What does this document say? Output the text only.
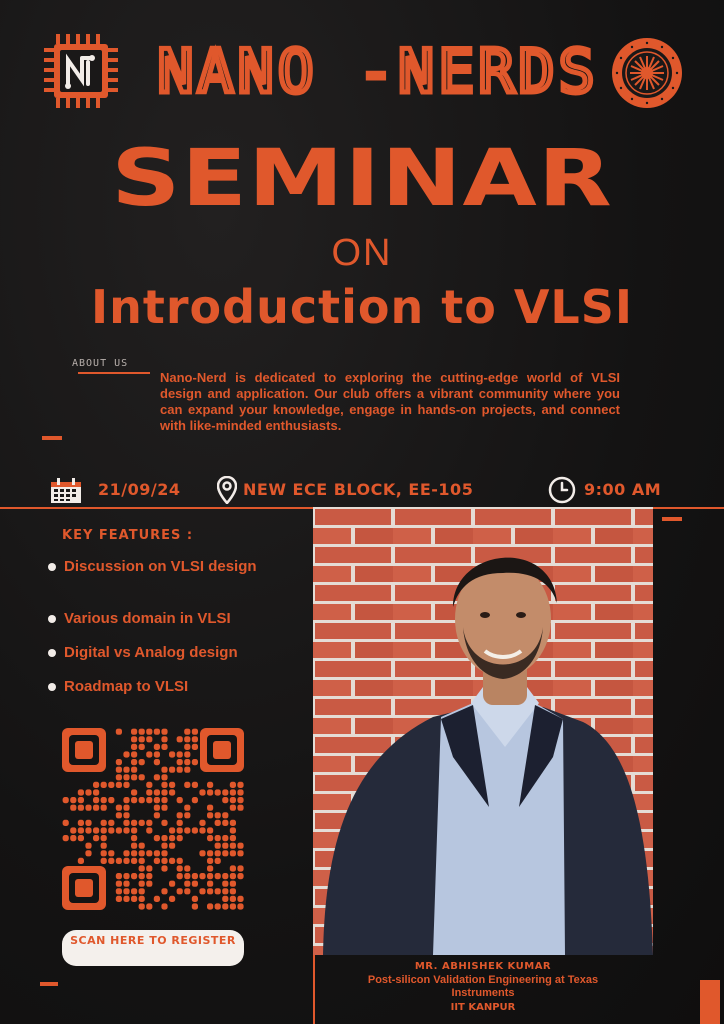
NANO -NERDS
SEMINAR
ON
Introduction to VLSI
ABOUT US
Nano-Nerd is dedicated to exploring the cutting-edge world of VLSI design and application. Our club offers a vibrant community where you can expand your knowledge, engage in hands-on projects, and connect with like-minded enthusiasts.
21/09/24	NEW ECE BLOCK, EE-105	9:00 AM
KEY FEATURES :
Discussion on VLSI design
Various domain in VLSI
Digital vs Analog design
Roadmap to VLSI
SCAN HERE TO REGISTER
MR. ABHISHEK KUMAR
Post-silicon Validation Engineering at Texas Instruments
IIT KANPUR
